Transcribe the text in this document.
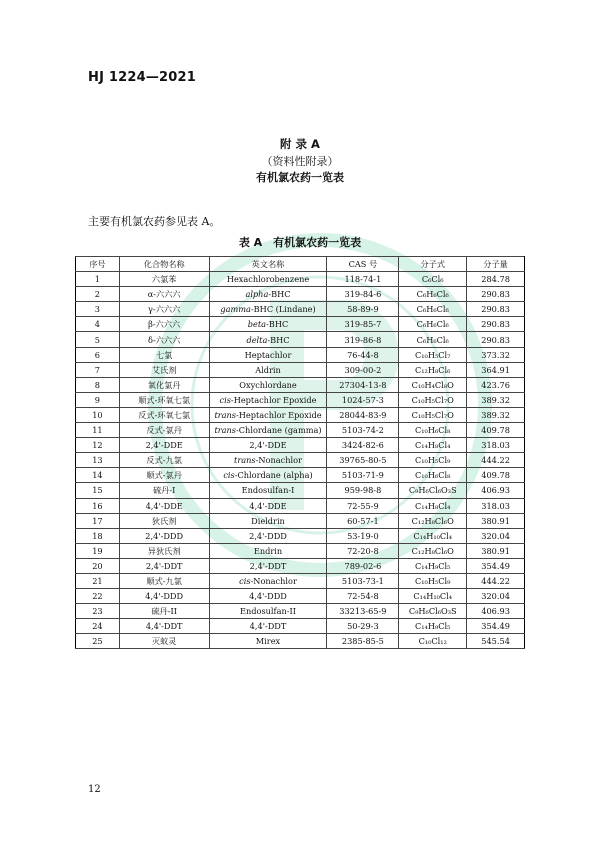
HJ 1224—2021
附 录 A
（资料性附录）
有机氯农药一览表
主要有机氯农药参见表 A。
表 A　有机氯农药一览表
序号	化合物名称	英文名称	CAS 号	分子式	分子量
1	六氯苯	Hexachlorobenzene	118-74-1	C₆Cl₆	284.78
2	α-六六六	alpha-BHC	319-84-6	C₆H₆Cl₆	290.83
3	γ-六六六	gamma-BHC (Lindane)	58-89-9	C₆H₆Cl₆	290.83
4	β-六六六	beta-BHC	319-85-7	C₆H₆Cl₆	290.83
5	δ-六六六	delta-BHC	319-86-8	C₆H₆Cl₆	290.83
6	七氯	Heptachlor	76-44-8	C₁₀H₅Cl₇	373.32
7	艾氏剂	Aldrin	309-00-2	C₁₂H₈Cl₆	364.91
8	氧化氯丹	Oxychlordane	27304-13-8	C₁₀H₄Cl₈O	423.76
9	顺式-环氧七氯	cis-Heptachlor Epoxide	1024-57-3	C₁₀H₅Cl₇O	389.32
10	反式-环氧七氯	trans-Heptachlor Epoxide	28044-83-9	C₁₀H₅Cl₇O	389.32
11	反式-氯丹	trans-Chlordane (gamma)	5103-74-2	C₁₀H₆Cl₈	409.78
12	2,4'-DDE	2,4'-DDE	3424-82-6	C₁₄H₈Cl₄	318.03
13	反式-九氯	trans-Nonachlor	39765-80-5	C₁₀H₅Cl₉	444.22
14	顺式-氯丹	cis-Chlordane (alpha)	5103-71-9	C₁₀H₆Cl₈	409.78
15	硫丹-I	Endosulfan-I	959-98-8	C₉H₆Cl₆O₃S	406.93
16	4,4'-DDE	4,4'-DDE	72-55-9	C₁₄H₈Cl₄	318.03
17	狄氏剂	Dieldrin	60-57-1	C₁₂H₈Cl₆O	380.91
18	2,4'-DDD	2,4'-DDD	53-19-0	C₁₄H₁₀Cl₄	320.04
19	异狄氏剂	Endrin	72-20-8	C₁₂H₈Cl₆O	380.91
20	2,4'-DDT	2,4'-DDT	789-02-6	C₁₄H₉Cl₅	354.49
21	顺式-九氯	cis-Nonachlor	5103-73-1	C₁₀H₅Cl₉	444.22
22	4,4'-DDD	4,4'-DDD	72-54-8	C₁₄H₁₀Cl₄	320.04
23	硫丹-II	Endosulfan-II	33213-65-9	C₉H₆Cl₆O₃S	406.93
24	4,4'-DDT	4,4'-DDT	50-29-3	C₁₄H₉Cl₅	354.49
25	灭蚁灵	Mirex	2385-85-5	C₁₀Cl₁₂	545.54
12
